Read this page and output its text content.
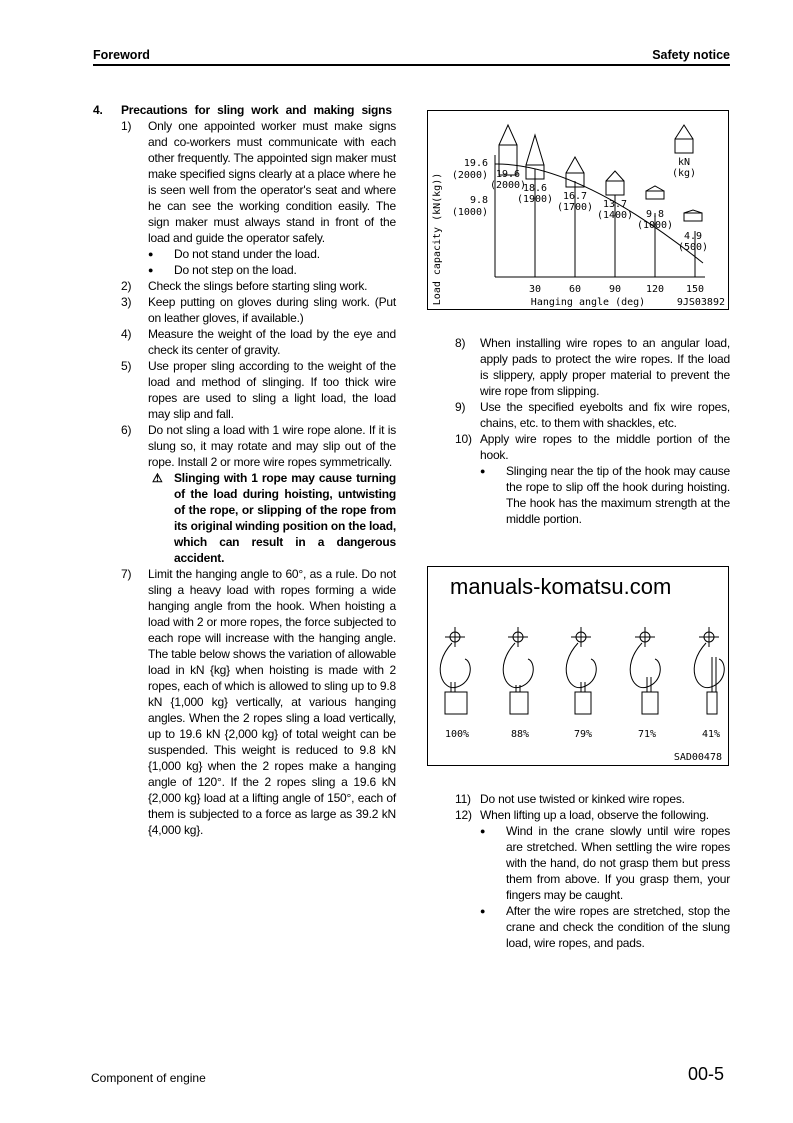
Foreword	Safety notice
4.	Precautions for sling work and making signs
1)	Only one appointed worker must make signs and co-workers must communicate with each other frequently. The appointed sign maker must make specified signs clearly at a place where he is seen well from the operator's seat and where he can see the working condition easily. The sign maker must always stand in front of the load and guide the operator safely.
●	Do not stand under the load.
●	Do not step on the load.
2)	Check the slings before starting sling work.
3)	Keep putting on gloves during sling work. (Put on leather gloves, if available.)
4)	Measure the weight of the load by the eye and check its center of gravity.
5)	Use proper sling according to the weight of the load and method of slinging. If too thick wire ropes are used to sling a light load, the load may slip and fall.
6)	Do not sling a load with 1 wire rope alone. If it is slung so, it may rotate and may slip out of the rope. Install 2 or more wire ropes symmetrically.
⚠ Slinging with 1 rope may cause turning of the load during hoisting, untwisting of the rope, or slipping of the rope from its original winding position on the load, which can result in a dangerous accident.
7)	Limit the hanging angle to 60°, as a rule. Do not sling a heavy load with ropes forming a wide hanging angle from the hook. When hoisting a load with 2 or more ropes, the force subjected to each rope will increase with the hanging angle. The table below shows the variation of allowable load in kN {kg} when hoisting is made with 2 ropes, each of which is allowed to sling up to 9.8 kN {1,000 kg} vertically, at various hanging angles. When the 2 ropes sling a load vertically, up to 19.6 kN {2,000 kg} of total weight can be suspended. This weight is reduced to 9.8 kN {1,000 kg} when the 2 ropes make a hanging angle of 120°. If the 2 ropes sling a 19.6 kN {2,000 kg} load at a lifting angle of 150°, each of them is subjected to a force as large as 39.2 kN {4,000 kg}.
8)	When installing wire ropes to an angular load, apply pads to protect the wire ropes. If the load is slippery, apply proper material to prevent the wire rope from slipping.
9)	Use the specified eyebolts and fix wire ropes, chains, etc. to them with shackles, etc.
10) Apply wire ropes to the middle portion of the hook.
●	Slinging near the tip of the hook may cause the rope to slip off the hook during hoisting. The hook has the maximum strength at the middle portion.
11) Do not use twisted or kinked wire ropes.
12) When lifting up a load, observe the following.
●	Wind in the crane slowly until wire ropes are stretched. When settling the wire ropes with the hand, do not grasp them but press them from above. If you grasp them, your fingers may be caught.
●	After the wire ropes are stretched, stop the crane and check the condition of the slung load, wire ropes, and pads.
19.6
(2000)
9.8
(1000)
30	60	90 120 150
Hanging angle (deg)
Load capacity (kN(kg))	9JS03892
19.6
(2000)
18.6
(1900) 16.7
(1700) 13.7
(1400) 9.8
(1000)
4.9
(500)
kN
(kg)
100%	88%	79%	71%	41%
SAD00478
manuals-komatsu.com
Component of engine	00-5
